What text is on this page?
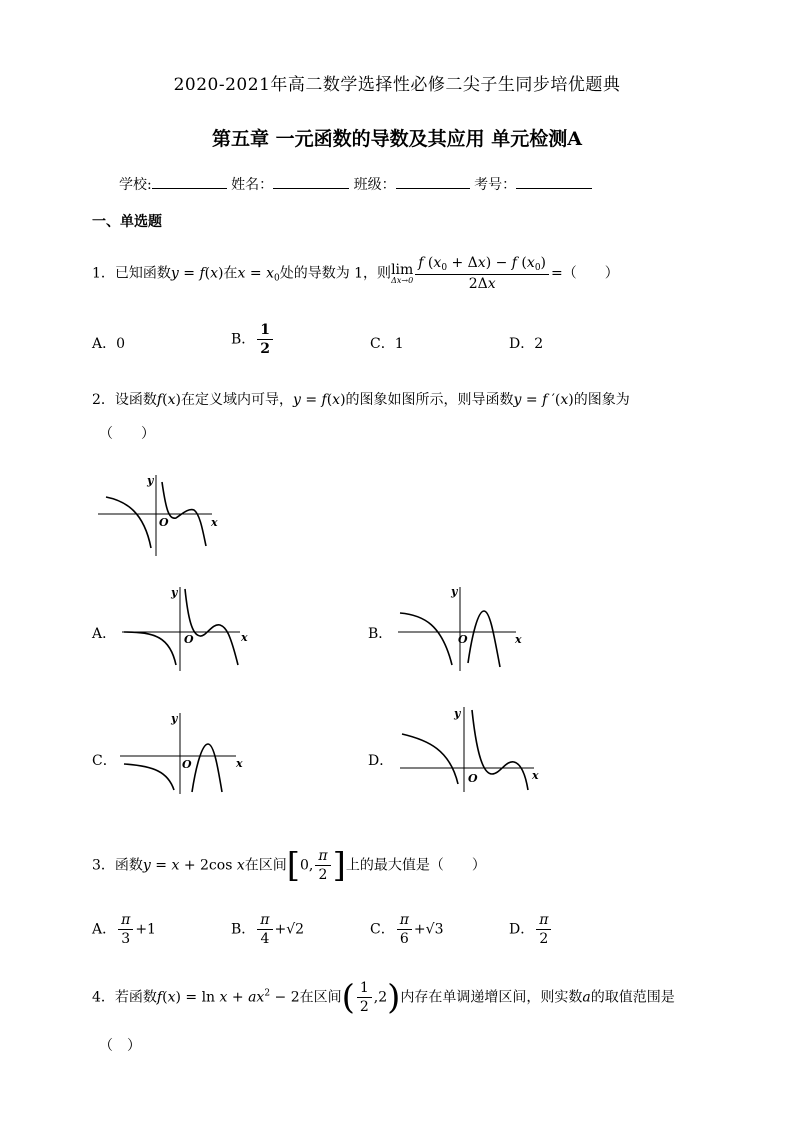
2020-2021年高二数学选择性必修二尖子生同步培优题典
第五章 一元函数的导数及其应用 单元检测A
学校:	姓名：	班级：	考号：
一、单选题
1．已知函数y = f(x)在$x = x_0$处的导数为 1，则 lim
$\Delta x\to 0 \frac{f (x_0 + \Delta x) - f (x_0)}{2\Delta x}$ =（　　）
A．0	B． $\frac{1}{2}$	C．1	D．2
2．设函数f(x)在定义域内可导，y = f(x)的图象如图所示，则导函数y = f ′(x)的图象为
（　　）
y
x
O
A．
y
x
O	B．
y
x
O
C．
y
x
O	D．
y
x
O
3．函数y = x + 2cos x在区间[0, $\frac{\pi}{2}$ ]上的最大值是（　　）
A． $\frac{\pi}{3} +1$	B． $\frac{\pi}{4} +√2$	C． $\frac{\pi}{6} +√3$	D． $\frac{\pi}{2}$
4．若函数$f(x) = \ln x + ax^2 - 2$在区间( $\frac{1}{2} ,2$)内存在单调递增区间，则实数a的取值范围是
（　）
